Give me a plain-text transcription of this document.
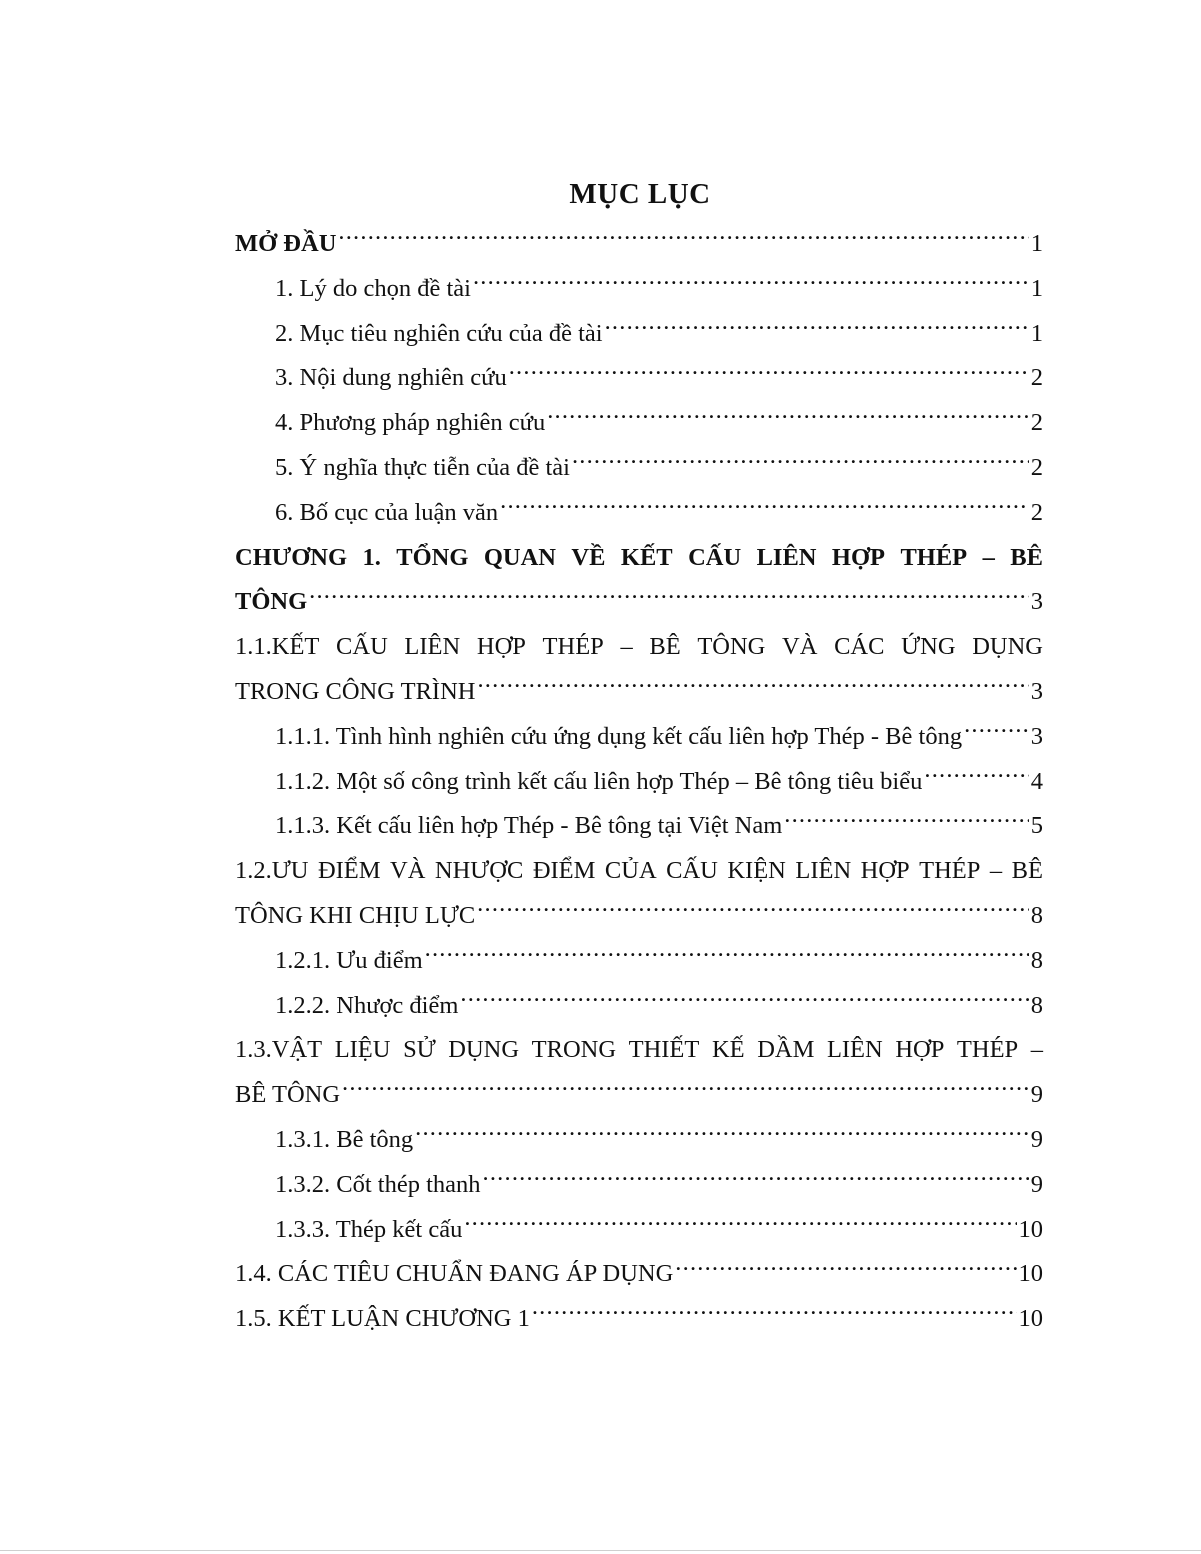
MỤC LỤC
MỞ ĐẦU .....	1
1. Lý do chọn đề tài .....	1
2. Mục tiêu nghiên cứu của đề tài .....	1
3. Nội dung nghiên cứu .....	2
4. Phương pháp nghiên cứu .....	2
5. Ý nghĩa thực tiễn của đề tài .....	2
6. Bố cục của luận văn .....	2
CHƯƠNG 1. TỔNG QUAN VỀ KẾT CẤU LIÊN HỢP THÉP – BÊ
TÔNG .....	3
1.1.KẾT CẤU LIÊN HỢP THÉP – BÊ TÔNG VÀ CÁC ỨNG DỤNG
TRONG CÔNG TRÌNH .....	3
1.1.1. Tình hình nghiên cứu ứng dụng kết cấu liên hợp Thép - Bê tông .....	3
1.1.2. Một số công trình kết cấu liên hợp Thép – Bê tông tiêu biểu .....	4
1.1.3. Kết cấu liên hợp Thép - Bê tông tại Việt Nam .....	5
1.2.ƯU ĐIỂM VÀ NHƯỢC ĐIỂM CỦA CẤU KIỆN LIÊN HỢP THÉP – BÊ
TÔNG KHI CHỊU LỰC .....	8
1.2.1. Ưu điểm .....	8
1.2.2. Nhược điểm .....	8
1.3.VẬT LIỆU SỬ DỤNG TRONG THIẾT KẾ DẦM LIÊN HỢP THÉP –
BÊ TÔNG .....	9
1.3.1. Bê tông .....	9
1.3.2. Cốt thép thanh .....	9
1.3.3. Thép kết cấu .....	10
1.4. CÁC TIÊU CHUẨN ĐANG ÁP DỤNG .....	10
1.5. KẾT LUẬN CHƯƠNG 1 .....	10
